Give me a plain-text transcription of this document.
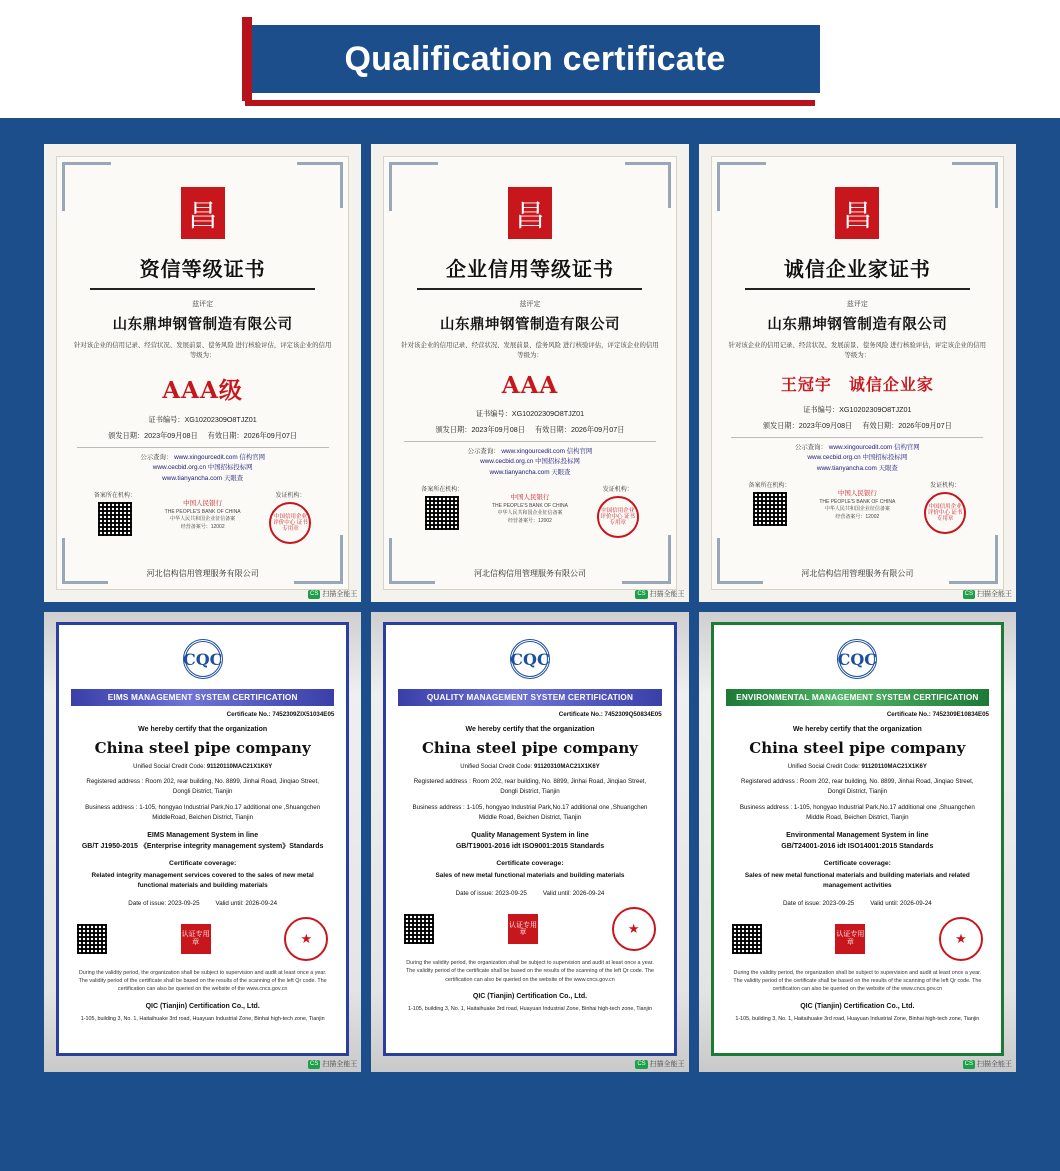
Qualification certificate
昌
资信等级证书
兹评定
山东鼎坤钢管制造有限公司
针对该企业的信用记录、经营状况、发展前景、偿务风险 进行核验评估，评定该企业的信用等级为：
AAA级
证书编号：XG10202309O8TJZ01
颁发日期：2023年09月08日 有效日期：2026年09月07日
公示查询： www.xingourcedit.com 信构官网
www.cecbid.org.cn 中国招标投标网
www.tianyancha.com 天眼查
备案所在机构：

中国人民银行
THE PEOPLE'S BANK OF CHINA
中华人民共和国企业征信备案
经营备案号：12002
发证机构：
中国信用企业评价中心 证书专用章
河北信构信用管理服务有限公司
CS 扫描全能王
昌
企业信用等级证书
兹评定
山东鼎坤钢管制造有限公司
针对该企业的信用记录、经营状况、发展前景、偿务风险 进行核验评估，评定该企业的信用等级为：
AAA
证书编号：XG10202309O8TJZ01
颁发日期：2023年09月08日 有效日期：2026年09月07日
公示查询： www.xingourcedit.com 信构官网
www.cecbid.org.cn 中国招标投标网
www.tianyancha.com 天眼查
备案所在机构：

中国人民银行
THE PEOPLE'S BANK OF CHINA
中华人民共和国企业征信备案
经营备案号：12002
发证机构：
中国信用企业评价中心 证书专用章
河北信构信用管理服务有限公司
CS 扫描全能王
昌
诚信企业家证书
兹评定
山东鼎坤钢管制造有限公司
针对该企业的信用记录、经营状况、发展前景、偿务风险 进行核验评估，评定该企业的信用等级为：
王冠宇　诚信企业家
证书编号：XG10202309O8TJZ01
颁发日期：2023年09月08日 有效日期：2026年09月07日
公示查询： www.xingourcedit.com 信构官网
www.cecbid.org.cn 中国招标投标网
www.tianyancha.com 天眼查
备案所在机构：

中国人民银行
THE PEOPLE'S BANK OF CHINA
中华人民共和国企业征信备案
经营备案号：12002
发证机构：
中国信用企业评价中心 证书专用章
河北信构信用管理服务有限公司
CS 扫描全能王
CQC
EIMS MANAGEMENT SYSTEM CERTIFICATION
Certificate No.: 7452309ZIX51034E05
We hereby certify that the organization
China steel pipe company
Unified Social Credit Code: 91120110MAC21X1K6Y
Registered address : Room 202, rear building, No. 8899, Jinhai Road, Jinqiao Street, Dongli District, Tianjin
Business address : 1-105, hongyao Industrial Park,No.17 additional one ,Shuangchen MiddleRoad, Beichen District, Tianjin
EIMS Management System in line
GB/T J1950-2015 《Enterprise integrity management system》Standards
Certificate coverage:
Related integrity management services covered to the sales of new metal functional materials and building materials
Date of issue: 2023-09-25	Valid until: 2026-09-24
认证专用章	★
During the validity period, the organization shall be subject to supervision and audit at least once a year. The validity period of the certificate shall be based on the results of the scanning of the left Qr code. The certification can also be queried on the website of the www.cncs.gov.cn
QIC (Tianjin) Certification Co., Ltd.
1-105, building 3, No. 1, Haitaihuake 3rd road, Huayuan Industrial Zone, Binhai high-tech zone, Tianjin
CS 扫描全能王
CQC
QUALITY MANAGEMENT SYSTEM CERTIFICATION
Certificate No.: 7452309Q50834E05
We hereby certify that the organization
China steel pipe company
Unified Social Credit Code: 91120310MAC21X1K6Y
Registered address : Room 202, rear building, No. 8899, Jinhai Road, Jinqiao Street, Dongli District, Tianjin
Business address : 1-105, hongyao Industrial Park,No.17 additional one ,Shuangchen Middle Road, Beichen District, Tianjin
Quality Management System in line
GB/T19001-2016 idt ISO9001:2015 Standards
Certificate coverage:
Sales of new metal functional materials and building materials
Date of issue: 2023-09-25	Valid until: 2026-09-24
认证专用章	★
During the validity period, the organization shall be subject to supervision and audit at least once a year. The validity period of the certificate shall be based on the results of the scanning of the left Qr code. The certification can also be queried on the website of the www.cncs.gov.cn
QIC (Tianjin) Certification Co., Ltd.
1-105, building 3, No. 1, Haitaihuake 3rd road, Huayuan Industrial Zone, Binhai high-tech zone, Tianjin
CS 扫描全能王
CQC
ENVIRONMENTAL MANAGEMENT SYSTEM CERTIFICATION
Certificate No.: 7452309E10834E05
We hereby certify that the organization
China steel pipe company
Unified Social Credit Code: 91120110MAC21X1K6Y
Registered address : Room 202, rear building, No. 8899, Jinhai Road, Jinqiao Street, Dongli District, Tianjin
Business address : 1-105, hongyao Industrial Park,No.17 additional one ,Shuangchen Middle Road, Beichen District, Tianjin
Environmental Management System in line
GB/T24001-2016 idt ISO14001:2015 Standards
Certificate coverage:
Sales of new metal functional materials and building materials and related management activities
Date of issue: 2023-09-25	Valid until: 2026-09-24
认证专用章	★
During the validity period, the organization shall be subject to supervision and audit at least once a year. The validity period of the certificate shall be based on the results of the scanning of the left Qr code. The certification can also be queried on the website of the www.cncs.gov.cn
QIC (Tianjin) Certification Co., Ltd.
1-105, building 3, No. 1, Haitaihuake 3rd road, Huayuan Industrial Zone, Binhai high-tech zone, Tianjin
CS 扫描全能王
